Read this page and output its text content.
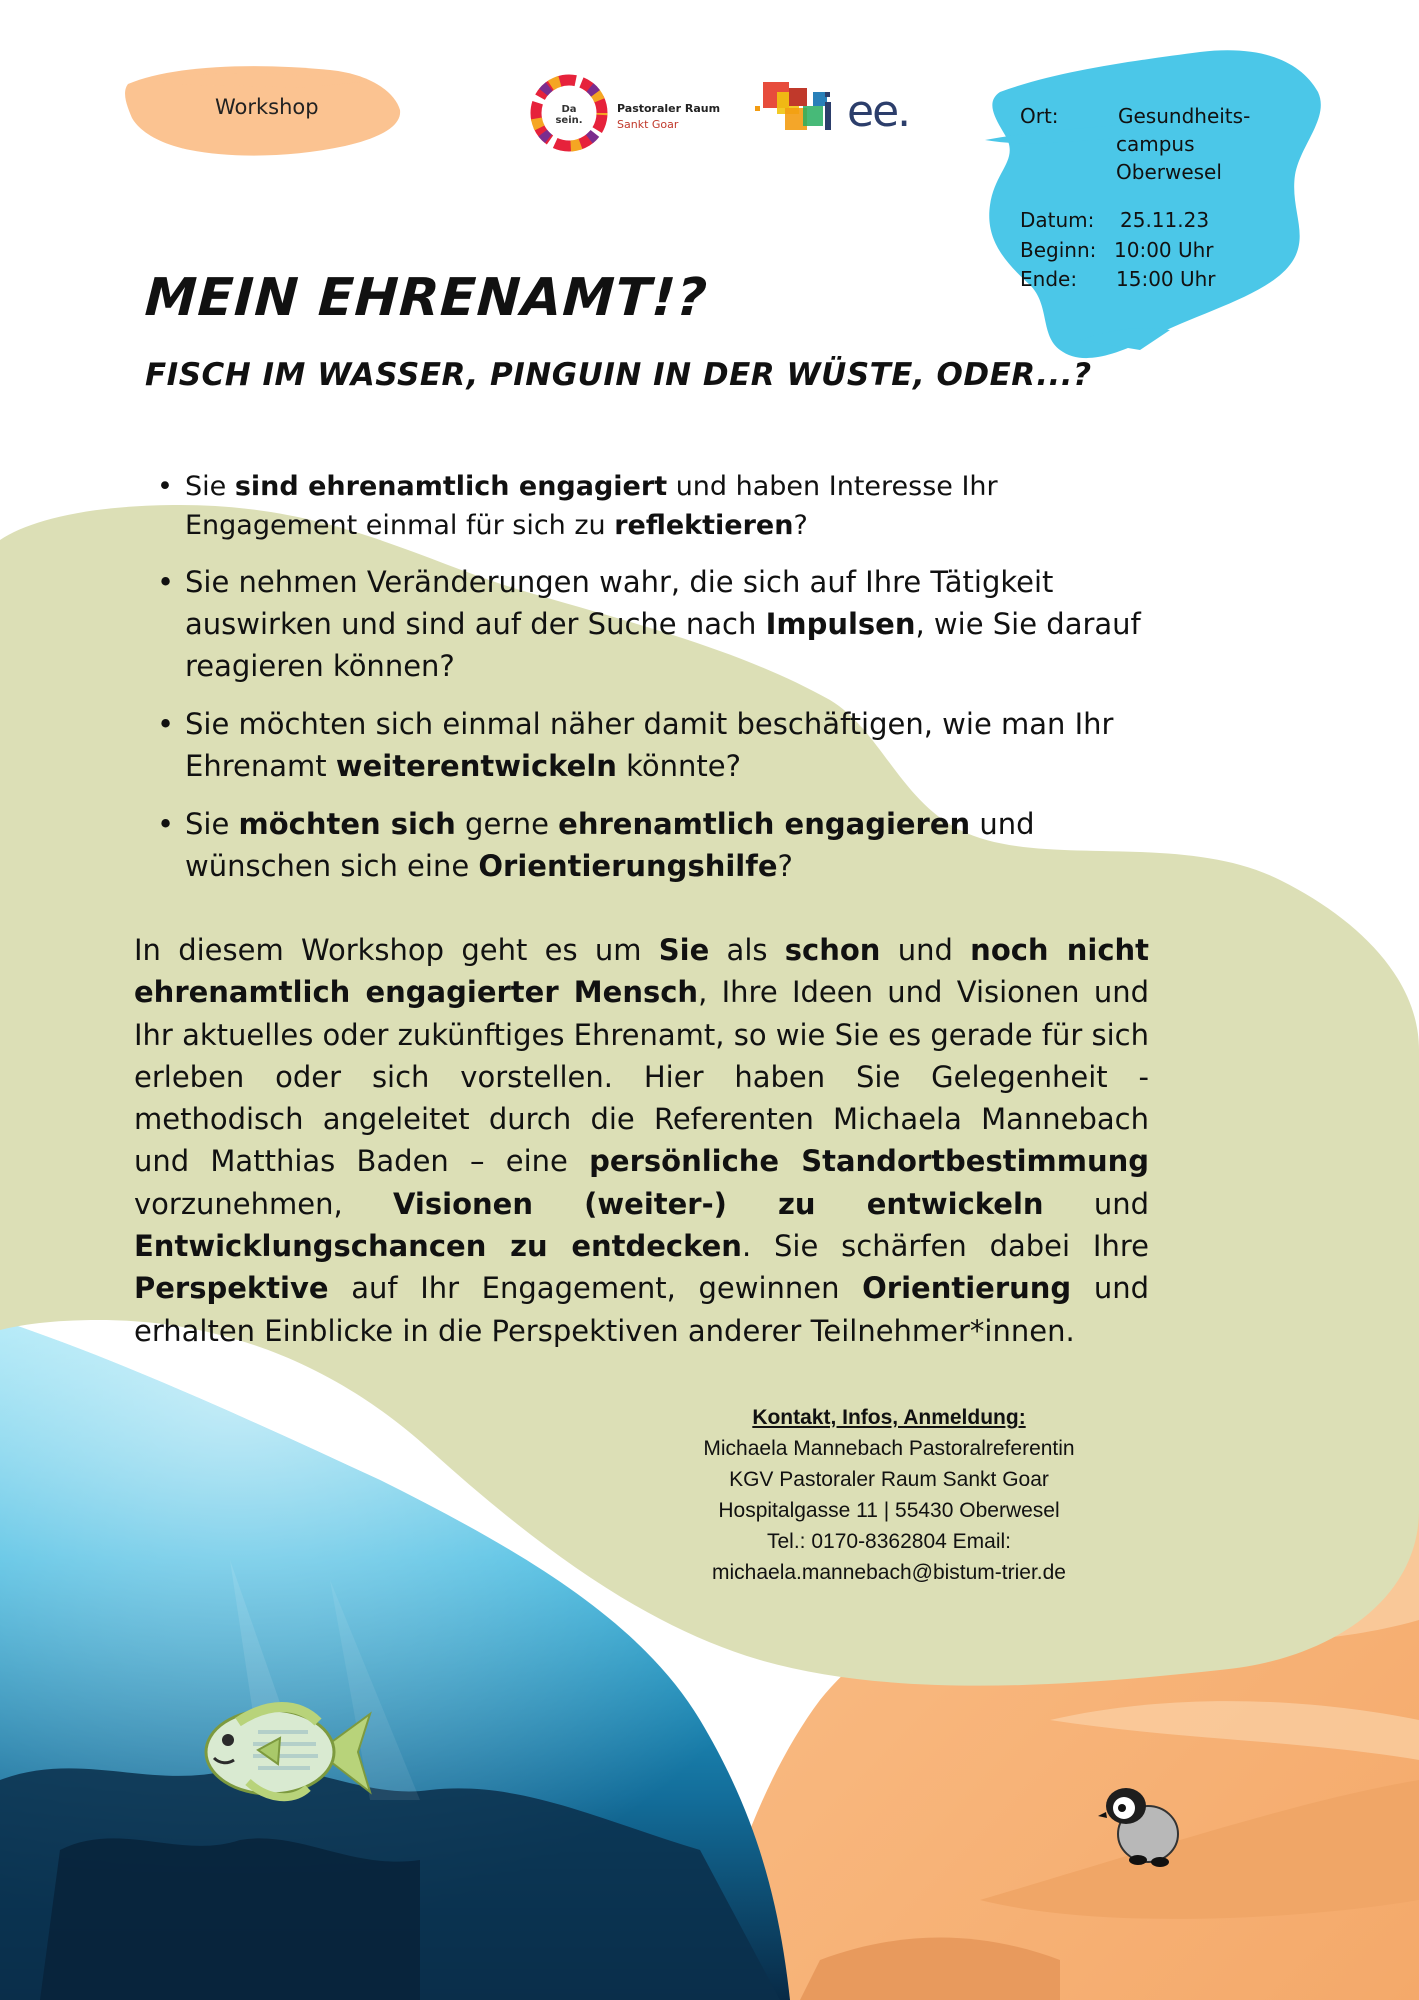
Workshop	Da sein.
Pastoraler Raum
Sankt Goar	ee.	Ort:	Gesundheits-
campus
Oberwesel
Datum: 25.11.23
Beginn: 10:00 Uhr
Ende: 15:00 Uhr
MEIN EHRENAMT!?
FISCH IM WASSER, PINGUIN IN DER WÜSTE, ODER...?
• Sie sind ehrenamtlich engagiert und haben Interesse Ihr Engagement einmal für sich zu reflektieren?
• Sie nehmen Veränderungen wahr, die sich auf Ihre Tätigkeit auswirken und sind auf der Suche nach Impulsen, wie Sie darauf reagieren können?
• Sie möchten sich einmal näher damit beschäftigen, wie man Ihr Ehrenamt weiterentwickeln könnte?
• Sie möchten sich gerne ehrenamtlich engagieren und wünschen sich eine Orientierungshilfe?

In diesem Workshop geht es um Sie als schon und noch nicht ehrenamtlich engagierter Mensch, Ihre Ideen und Visionen und Ihr aktuelles oder zukünftiges Ehrenamt, so wie Sie es gerade für sich erleben oder sich vorstellen. Hier haben Sie Gelegenheit - methodisch angeleitet durch die Referenten Michaela Mannebach und Matthias Baden – eine persönliche Standortbestimmung vorzunehmen, Visionen (weiter-) zu entwickeln und Entwicklungschancen zu entdecken. Sie schärfen dabei Ihre Perspektive auf Ihr Engagement, gewinnen Orientierung und erhalten Einblicke in die Perspektiven anderer Teilnehmer*innen.

Kontakt, Infos, Anmeldung:
Michaela Mannebach Pastoralreferentin
KGV Pastoraler Raum Sankt Goar
Hospitalgasse 11 | 55430 Oberwesel
Tel.: 0170-8362804 Email:
michaela.mannebach@bistum-trier.de
